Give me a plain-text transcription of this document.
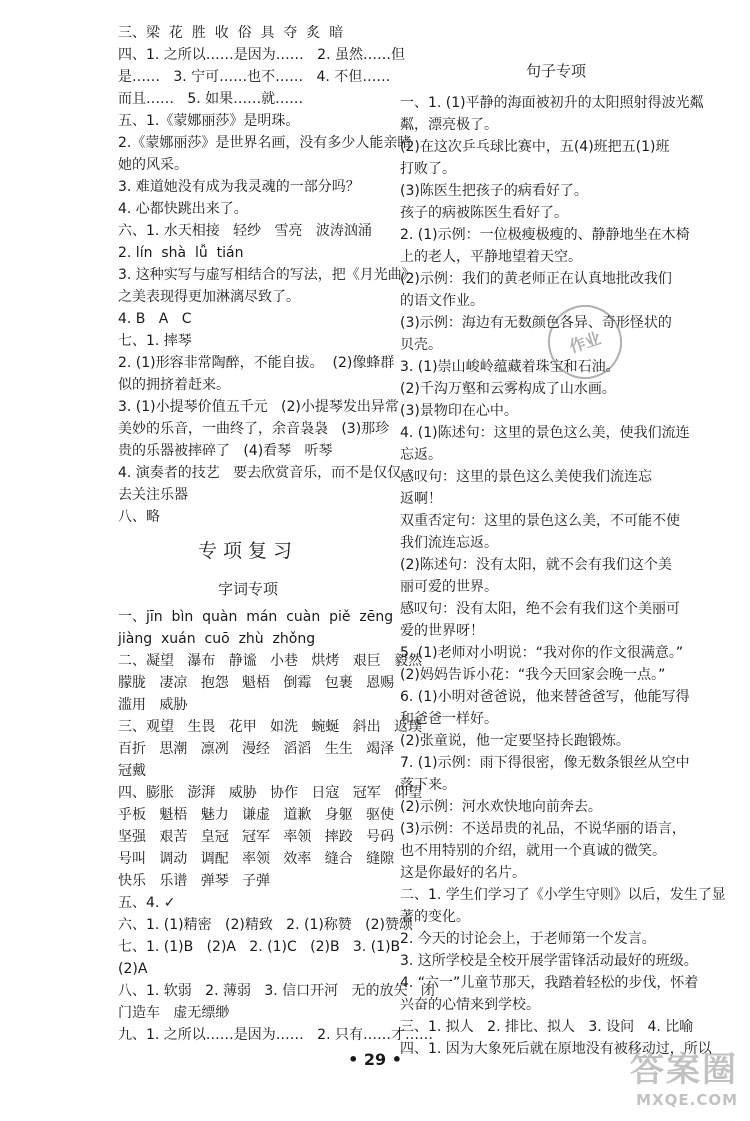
三、梁  花  胜  收  俗  具  夺  炙  暗
四、1. 之所以……是因为……   2. 虽然……但
是……   3. 宁可……也不……   4. 不但……
而且……   5. 如果……就……
五、1.《蒙娜丽莎》是明珠。
2.《蒙娜丽莎》是世界名画，没有多少人能亲睹
她的风采。
3. 难道她没有成为我灵魂的一部分吗？
4. 心都快跳出来了。
六、1. 水天相接   轻纱   雪亮   波涛汹涌
2. lín  shà  lǚ  tián
3. 这种实写与虚写相结合的写法，把《月光曲》
之美表现得更加淋漓尽致了。
4. B   A   C
七、1. 摔琴
2. (1)形容非常陶醉，不能自拔。  (2)像蜂群
似的拥挤着赶来。
3. (1)小提琴价值五千元   (2)小提琴发出异常
美妙的乐音，一曲终了，余音袅袅   (3)那珍
贵的乐器被摔碎了   (4)看琴   听琴
4. 演奏者的技艺   要去欣赏音乐，而不是仅仅
去关注乐器
八、略
专项复习
字词专项
一、jīn  bìn  quàn  mán  cuàn  piě  zēng
jiàng  xuán  cuō  zhù  zhǒng
二、凝望   瀑布   静谧   小巷   烘烤   艰巨   毅然
朦胧   凄凉   抱怨   魁梧   倒霉   包裹   恩赐
滥用   威胁
三、观望   生畏   花甲   如洗   蜿蜒   斜出   返璞
百折   思潮   凛冽   漫经   滔滔   生生   竭泽
冠戴
四、膨胀   澎湃   威胁   协作   日寇   冠军   仰望
乎板   魁梧   魅力   谦虚   道歉   身躯   驱使
坚强   艰苦   皇冠   冠军   率领   摔跤   号码
号叫   调动   调配   率领   效率   缝合   缝隙
快乐   乐谱   弹琴   子弹
五、4. ✓
六、1. (1)精密   (2)精致   2. (1)称赞   (2)赞颂
七、1. (1)B   (2)A   2. (1)C   (2)B   3. (1)B
(2)A
八、1. 软弱   2. 薄弱   3. 信口开河   无的放矢   闭
门造车   虚无缥缈
九、1. 之所以……是因为……   2. 只有……才……
句子专项
一、1. (1)平静的海面被初升的太阳照射得波光粼
粼，漂亮极了。
(2)在这次乒乓球比赛中，五(4)班把五(1)班
打败了。
(3)陈医生把孩子的病看好了。
孩子的病被陈医生看好了。
2. (1)示例：一位极瘦极瘦的、静静地坐在木椅
上的老人，平静地望着天空。
(2)示例：我们的黄老师正在认真地批改我们
的语文作业。
(3)示例：海边有无数颜色各异、奇形怪状的
贝壳。
3. (1)崇山峻岭蕴藏着珠宝和石油。
(2)千沟万壑和云雾构成了山水画。
(3)景物印在心中。
4. (1)陈述句：这里的景色这么美，使我们流连
忘返。
感叹句：这里的景色这么美使我们流连忘
返啊！
双重否定句：这里的景色这么美，不可能不使
我们流连忘返。
(2)陈述句：没有太阳，就不会有我们这个美
丽可爱的世界。
感叹句：没有太阳，绝不会有我们这个美丽可
爱的世界呀！
5. (1)老师对小明说：“我对你的作文很满意。”
(2)妈妈告诉小花：“我今天回家会晚一点。”
6. (1)小明对爸爸说，他来替爸爸写，他能写得
和爸爸一样好。
(2)张童说，他一定要坚持长跑锻炼。
7. (1)示例：雨下得很密，像无数条银丝从空中
落下来。
(2)示例：河水欢快地向前奔去。
(3)示例：不送昂贵的礼品，不说华丽的语言，
也不用特别的介绍，就用一个真诚的微笑。
这是你最好的名片。
二、1. 学生们学习了《小学生守则》以后，发生了显
著的变化。
2. 今天的讨论会上，于老师第一个发言。
3. 这所学校是全校开展学雷锋活动最好的班级。
4. “六一”儿童节那天，我踏着轻松的步伐，怀着
兴奋的心情来到学校。
三、1. 拟人   2. 排比、拟人   3. 设问   4. 比喻
四、1. 因为大象死后就在原地没有被移动过，所以
作业
• 29 •	答案圈
MXQE.COM
